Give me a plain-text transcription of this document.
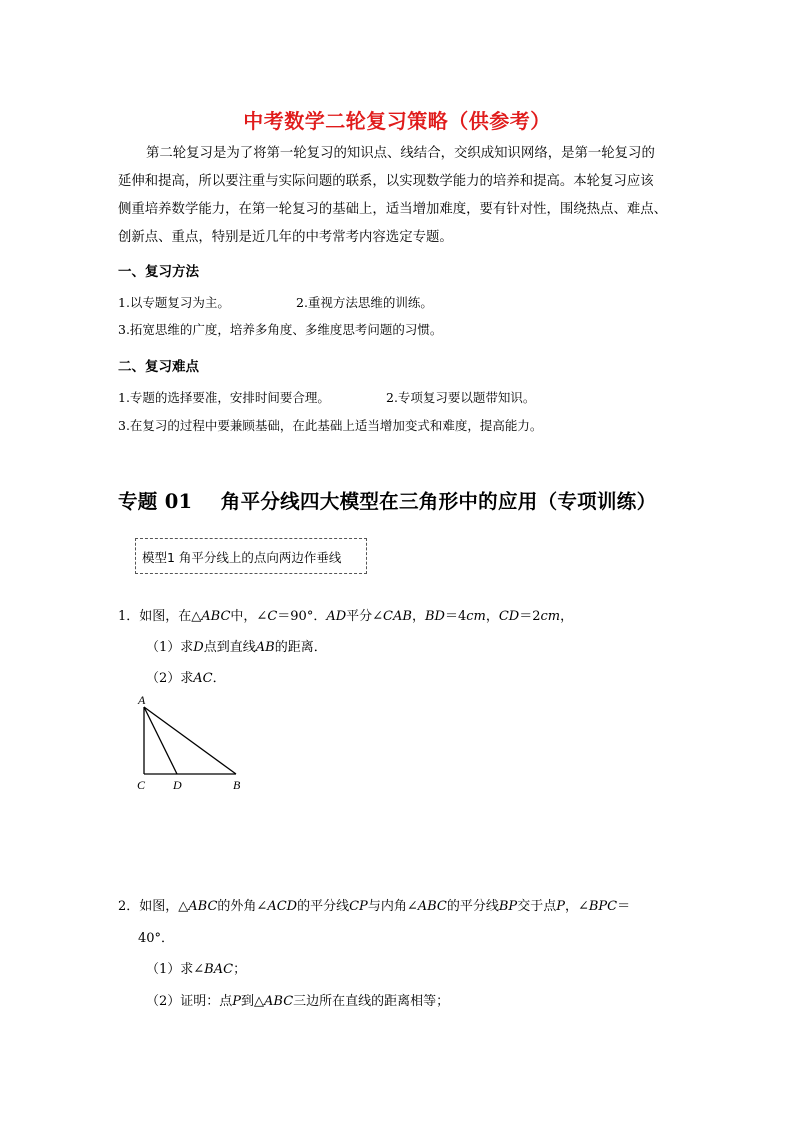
中考数学二轮复习策略（供参考）

第二轮复习是为了将第一轮复习的知识点、线结合，交织成知识网络，是第一轮复习的

延伸和提高，所以要注重与实际问题的联系，以实现数学能力的培养和提高。本轮复习应该

侧重培养数学能力，在第一轮复习的基础上，适当增加难度，要有针对性，围绕热点、难点、

创新点、重点，特别是近几年的中考常考内容选定专题。

一、复习方法
1.以专题复习为主。	2.重视方法思维的训练。
3.拓宽思维的广度，培养多角度、多维度思考问题的习惯。
二、复习难点
1.专题的选择要准，安排时间要合理。	2.专项复习要以题带知识。
3.在复习的过程中要兼顾基础，在此基础上适当增加变式和难度，提高能力。
专题 01    角平分线四大模型在三角形中的应用（专项训练）
模型1 角平分线上的点向两边作垂线
1．如图，在△ABC中，∠C＝90°．AD平分∠CAB，BD＝4cm，CD＝2cm，
（1）求D点到直线AB的距离．
（2）求AC．
A
C D	B
2．如图，△ABC的外角∠ACD的平分线CP与内角∠ABC的平分线BP交于点P，∠BPC＝
40°．
（1）求∠BAC；
（2）证明：点P到△ABC三边所在直线的距离相等；
